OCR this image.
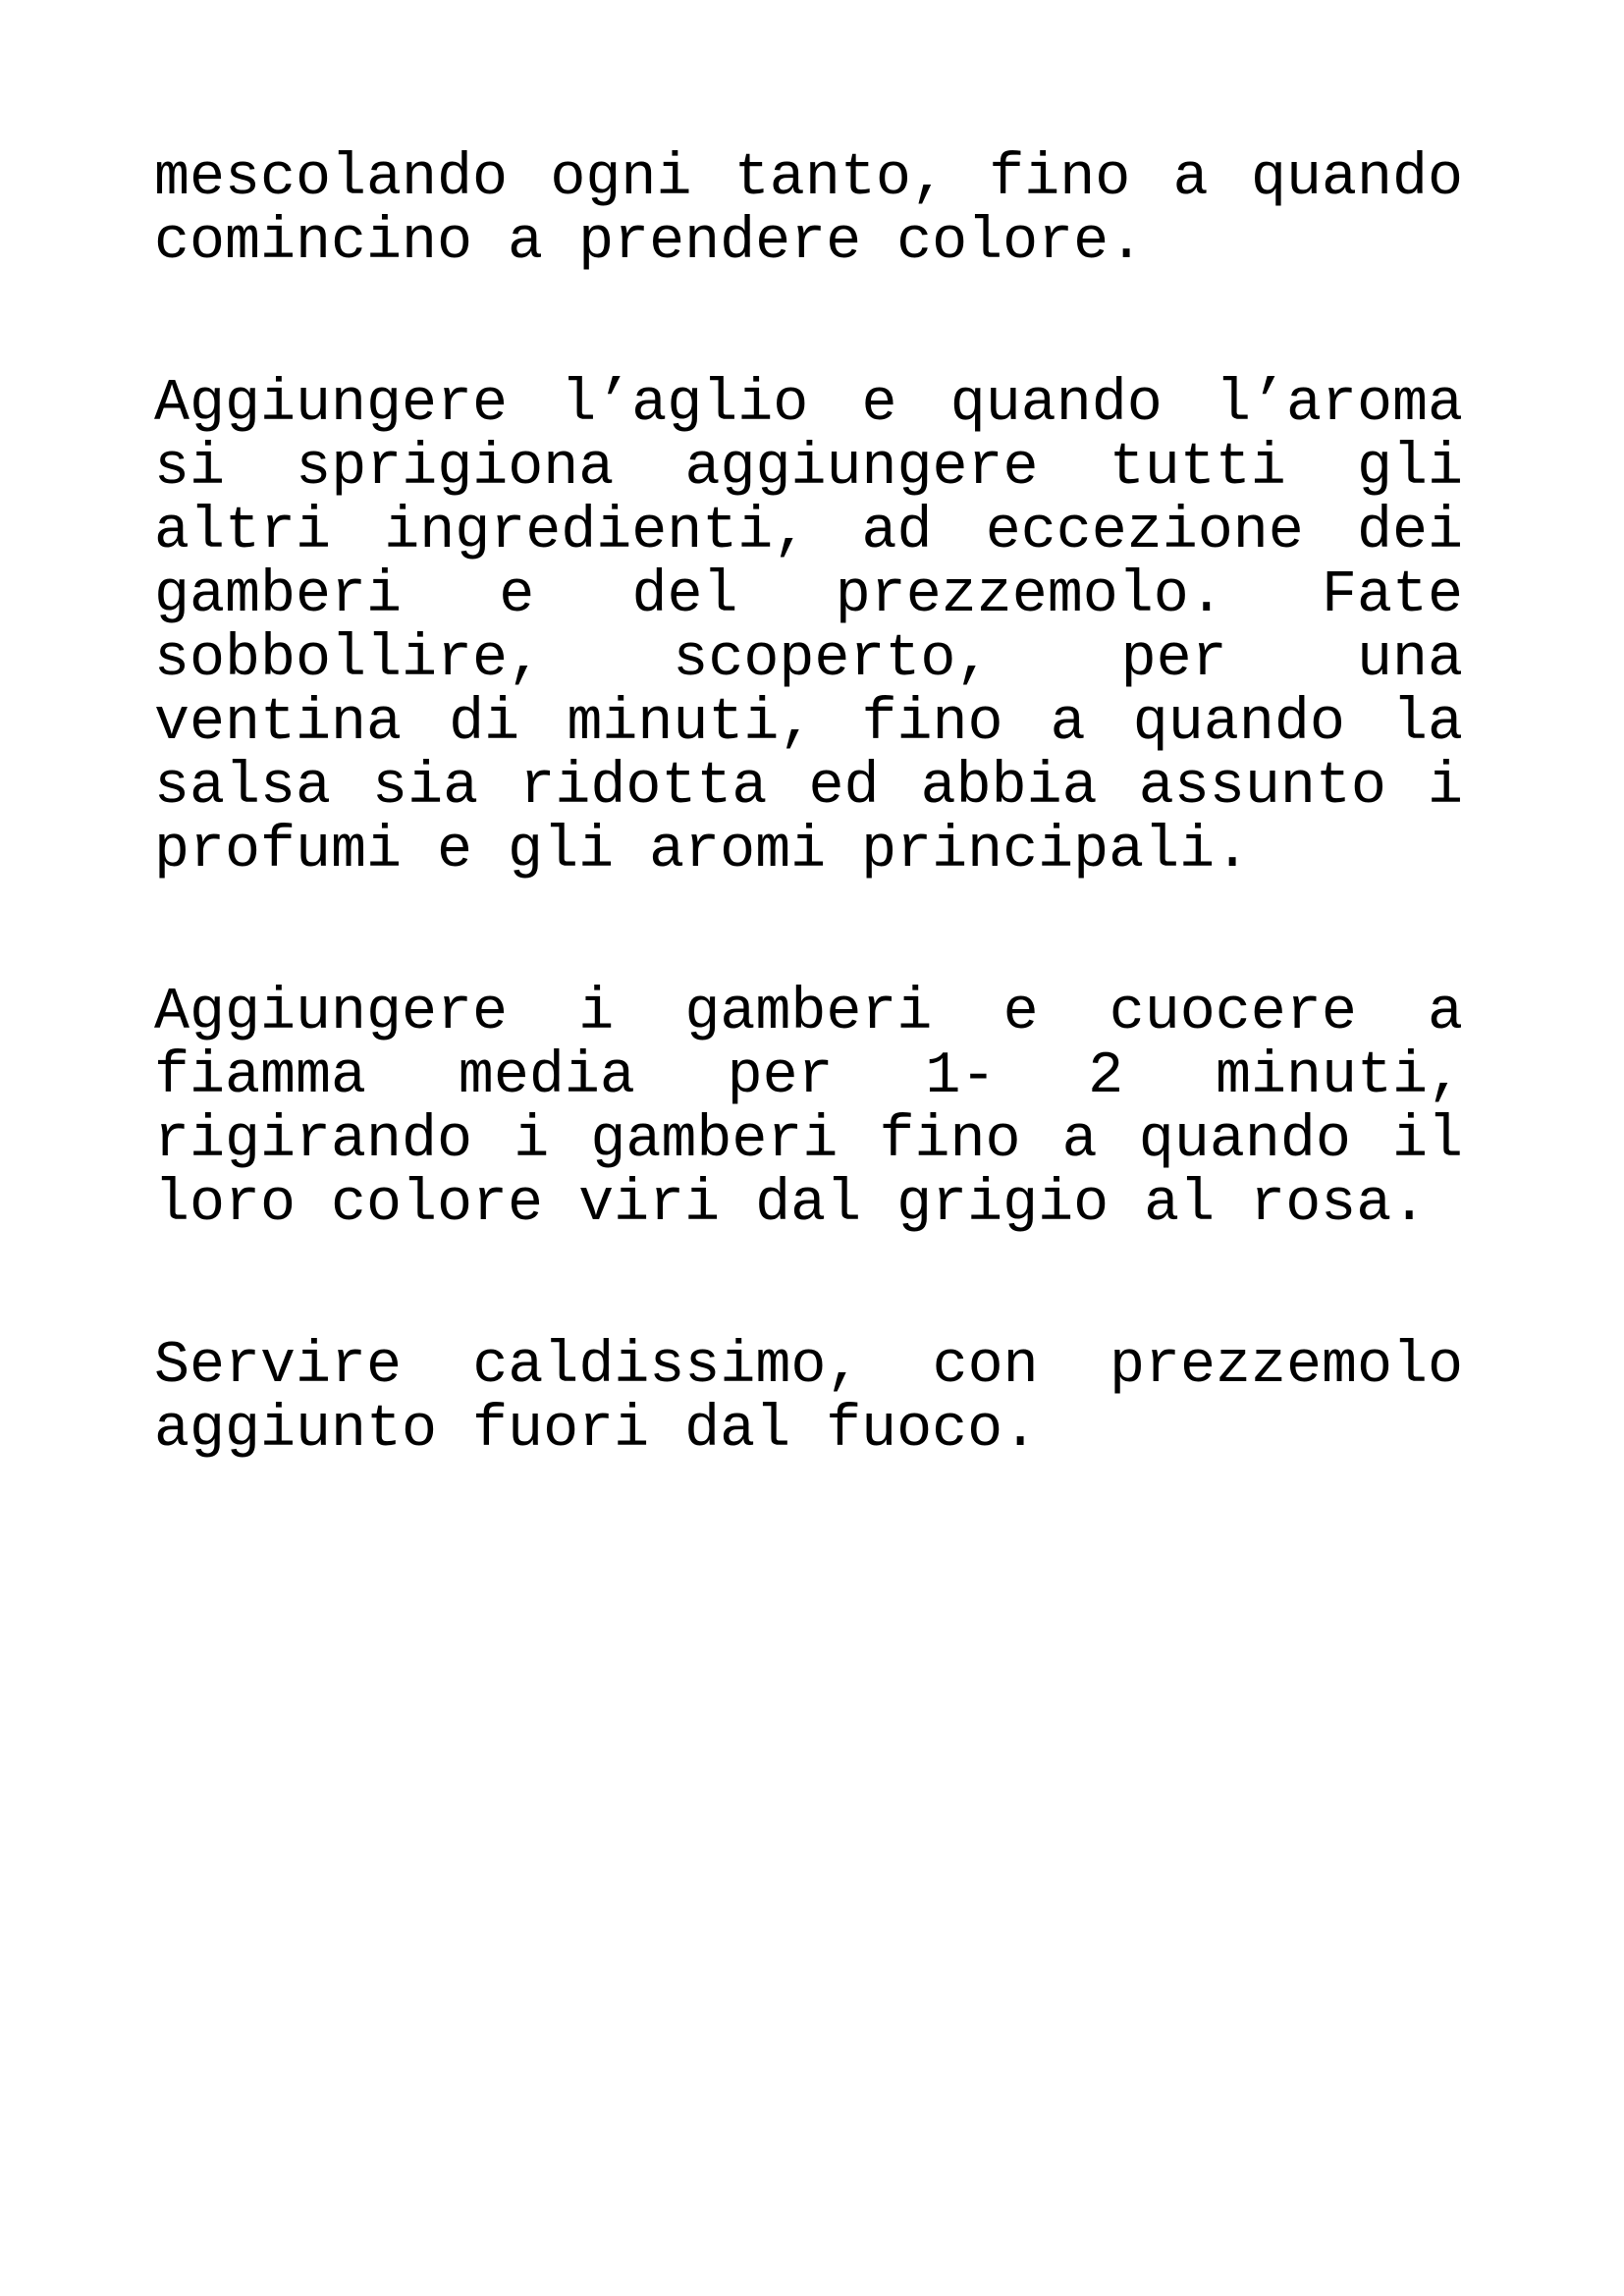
mescolando ogni tanto, fino a quando
comincino a prendere colore.
Aggiungere l’aglio e quando l’aroma
si sprigiona aggiungere tutti gli
altri ingredienti, ad eccezione dei
gamberi e del prezzemolo. Fate
sobbollire, scoperto, per una
ventina di minuti, fino a quando la
salsa sia ridotta ed abbia assunto i
profumi e gli aromi principali.
Aggiungere i gamberi e cuocere a
fiamma media per 1- 2 minuti,
rigirando i gamberi fino a quando il
loro colore viri dal grigio al rosa.
Servire caldissimo, con prezzemolo
aggiunto fuori dal fuoco.
